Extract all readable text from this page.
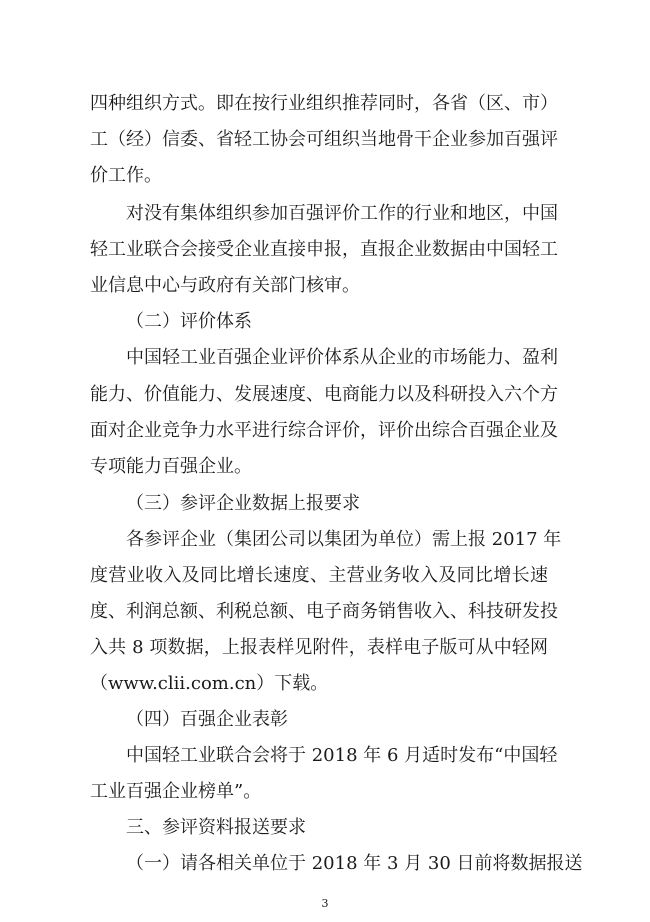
四种组织方式。即在按行业组织推荐同时，各省（区、市）
工（经）信委、省轻工协会可组织当地骨干企业参加百强评
价工作。
对没有集体组织参加百强评价工作的行业和地区，中国
轻工业联合会接受企业直接申报，直报企业数据由中国轻工
业信息中心与政府有关部门核审。
（二）评价体系
中国轻工业百强企业评价体系从企业的市场能力、盈利
能力、价值能力、发展速度、电商能力以及科研投入六个方
面对企业竞争力水平进行综合评价，评价出综合百强企业及
专项能力百强企业。
（三）参评企业数据上报要求
各参评企业（集团公司以集团为单位）需上报 2017 年
度营业收入及同比增长速度、主营业务收入及同比增长速
度、利润总额、利税总额、电子商务销售收入、科技研发投
入共 8 项数据，上报表样见附件，表样电子版可从中轻网
（www.clii.com.cn）下载。
（四）百强企业表彰
中国轻工业联合会将于 2018 年 6 月适时发布“中国轻
工业百强企业榜单”。
三、参评资料报送要求
（一）请各相关单位于 2018 年 3 月 30 日前将数据报送
3
